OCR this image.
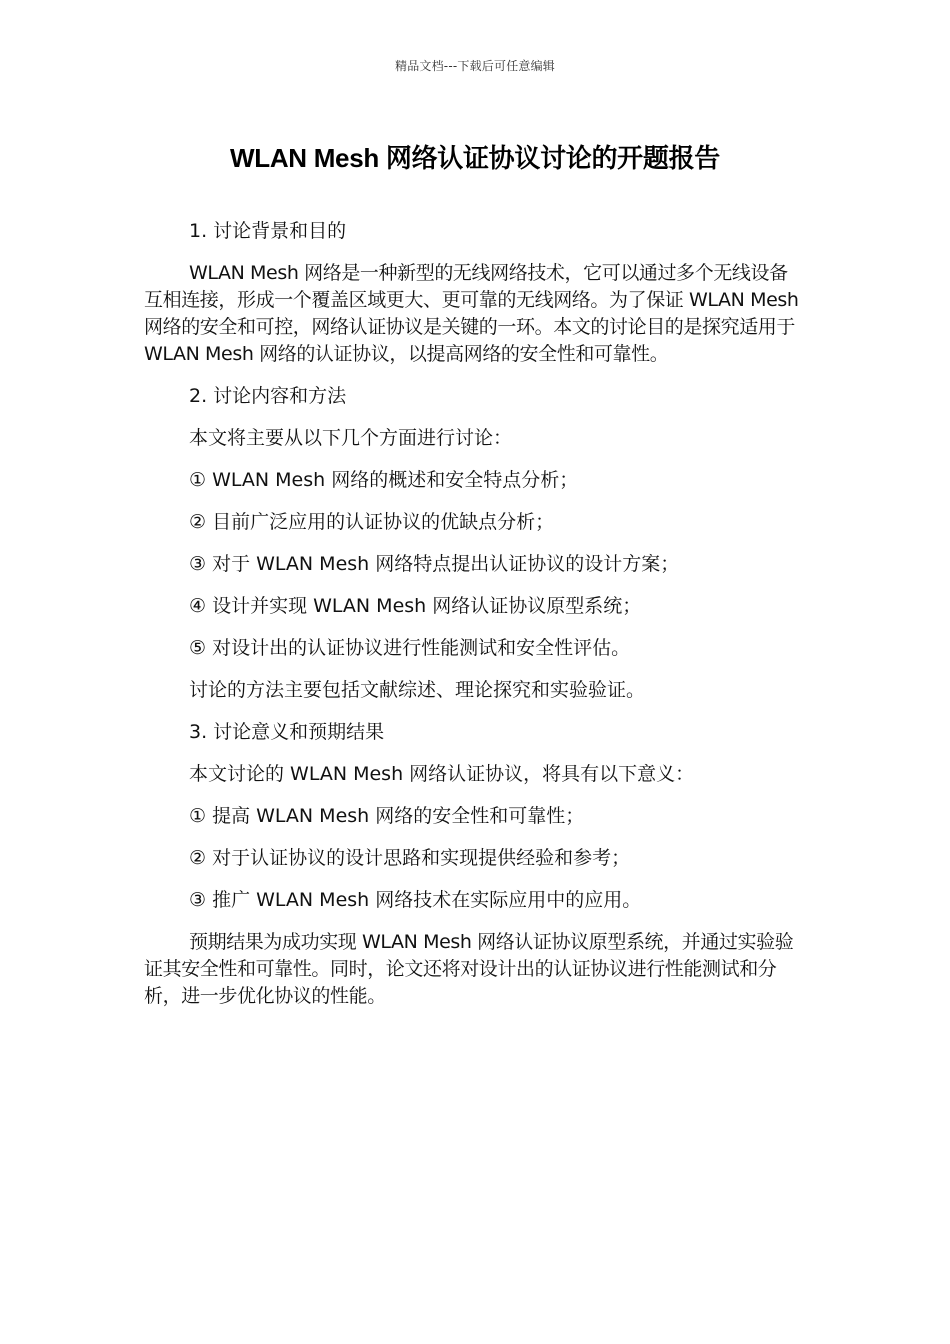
精品文档---下载后可任意编辑
WLAN Mesh 网络认证协议讨论的开题报告
1. 讨论背景和目的
WLAN Mesh 网络是一种新型的无线网络技术，它可以通过多个无线设备互相连接，形成一个覆盖区域更大、更可靠的无线网络。为了保证 WLAN Mesh 网络的安全和可控，网络认证协议是关键的一环。本文的讨论目的是探究适用于 WLAN Mesh 网络的认证协议，以提高网络的安全性和可靠性。
2. 讨论内容和方法
本文将主要从以下几个方面进行讨论：
① WLAN Mesh 网络的概述和安全特点分析；
② 目前广泛应用的认证协议的优缺点分析；
③ 对于 WLAN Mesh 网络特点提出认证协议的设计方案；
④ 设计并实现 WLAN Mesh 网络认证协议原型系统；
⑤ 对设计出的认证协议进行性能测试和安全性评估。
讨论的方法主要包括文献综述、理论探究和实验验证。
3. 讨论意义和预期结果
本文讨论的 WLAN Mesh 网络认证协议，将具有以下意义：
① 提高 WLAN Mesh 网络的安全性和可靠性；
② 对于认证协议的设计思路和实现提供经验和参考；
③ 推广 WLAN Mesh 网络技术在实际应用中的应用。
预期结果为成功实现 WLAN Mesh 网络认证协议原型系统，并通过实验验证其安全性和可靠性。同时，论文还将对设计出的认证协议进行性能测试和分析，进一步优化协议的性能。
